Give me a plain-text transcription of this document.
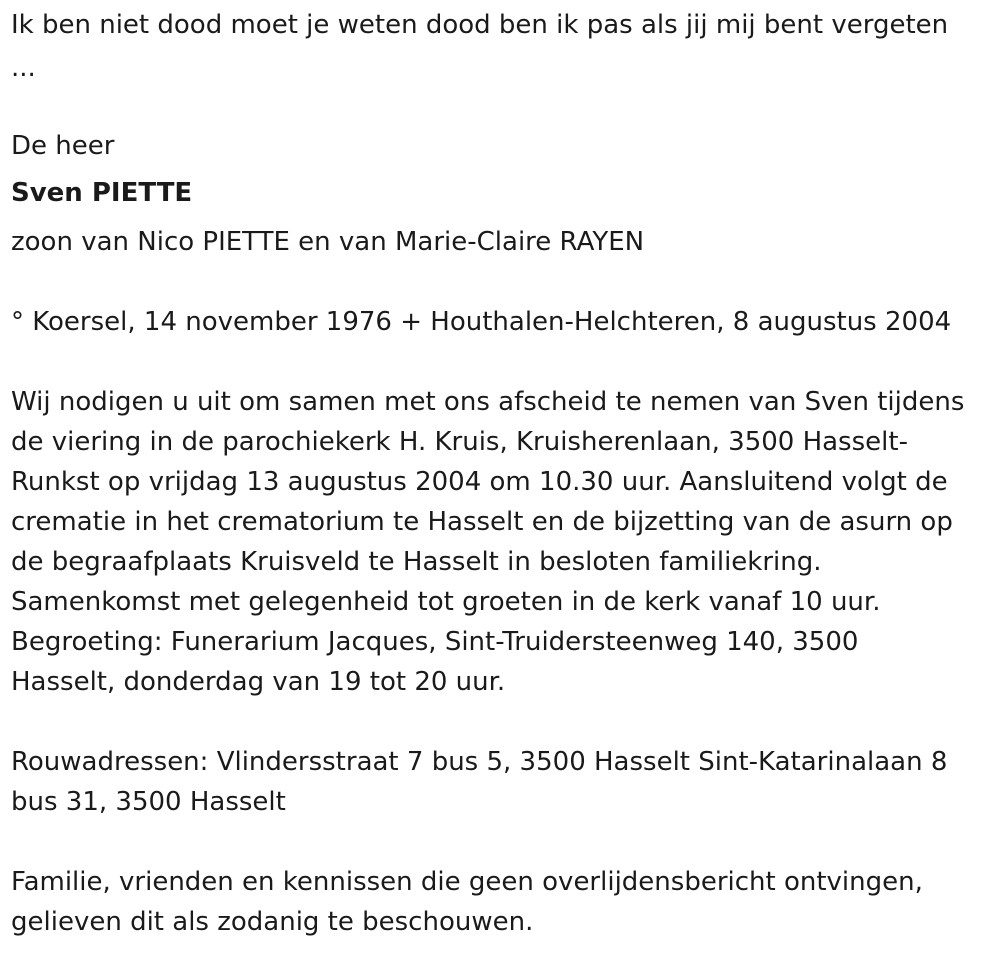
Ik ben niet dood moet je weten dood ben ik pas als jij mij bent vergeten
...
De heer
Sven PIETTE
zoon van Nico PIETTE en van Marie-Claire RAYEN
° Koersel, 14 november 1976 + Houthalen-Helchteren, 8 augustus 2004
Wij nodigen u uit om samen met ons afscheid te nemen van Sven tijdens
de viering in de parochiekerk H. Kruis, Kruisherenlaan, 3500 Hasselt-
Runkst op vrijdag 13 augustus 2004 om 10.30 uur. Aansluitend volgt de
crematie in het crematorium te Hasselt en de bijzetting van de asurn op
de begraafplaats Kruisveld te Hasselt in besloten familiekring.
Samenkomst met gelegenheid tot groeten in de kerk vanaf 10 uur.
Begroeting: Funerarium Jacques, Sint-Truidersteenweg 140, 3500
Hasselt, donderdag van 19 tot 20 uur.
Rouwadressen: Vlindersstraat 7 bus 5, 3500 Hasselt Sint-Katarinalaan 8
bus 31, 3500 Hasselt
Familie, vrienden en kennissen die geen overlijdensbericht ontvingen,
gelieven dit als zodanig te beschouwen.
